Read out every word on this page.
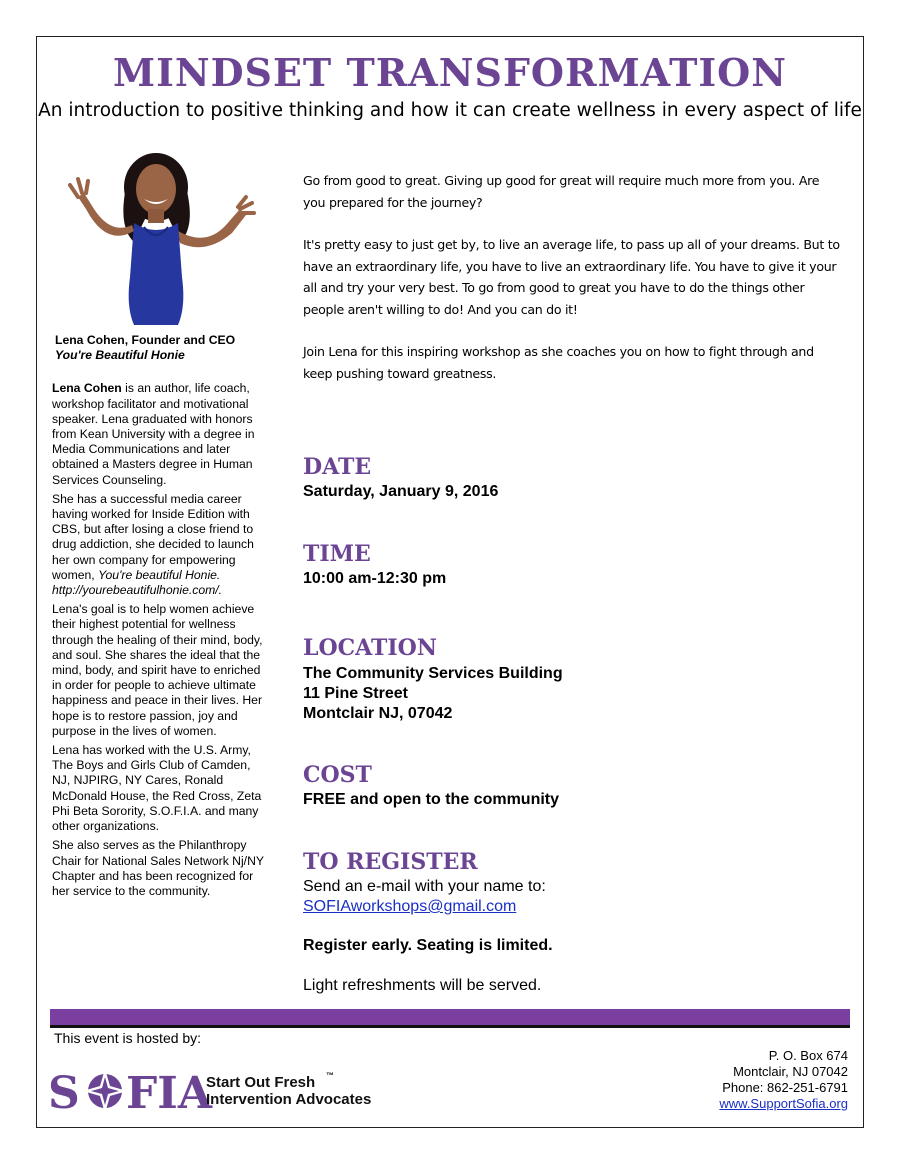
MINDSET TRANSFORMATION
An introduction to positive thinking and how it can create wellness in every aspect of life
Lena Cohen, Founder and CEO
You're Beautiful Honie

Lena Cohen is an author, life coach, workshop facilitator and motivational speaker. Lena graduated with honors from Kean University with a degree in Media Communications and later obtained a Masters degree in Human Services Counseling.

She has a successful media career having worked for Inside Edition with CBS, but after losing a close friend to drug addiction, she decided to launch her own company for empowering women, You're beautiful Honie. http://yourebeautifulhonie.com/.

Lena's goal is to help women achieve their highest potential for wellness through the healing of their mind, body, and soul. She shares the ideal that the mind, body, and spirit have to enriched in order for people to achieve ultimate happiness and peace in their lives. Her hope is to restore passion, joy and purpose in the lives of women.

Lena has worked with the U.S. Army, The Boys and Girls Club of Camden, NJ, NJPIRG, NY Cares, Ronald McDonald House, the Red Cross, Zeta Phi Beta Sorority, S.O.F.I.A. and many other organizations.

She also serves as the Philanthropy Chair for National Sales Network Nj/NY Chapter and has been recognized for her service to the community.

Go from good to great. Giving up good for great will require much more from you. Are you prepared for the journey?

It's pretty easy to just get by, to live an average life, to pass up all of your dreams. But to have an extraordinary life, you have to live an extraordinary life. You have to give it your all and try your very best. To go from good to great you have to do the things other people aren't willing to do! And you can do it!

Join Lena for this inspiring workshop as she coaches you on how to fight through and keep pushing toward greatness.

DATE
Saturday, January 9, 2016
TIME
10:00 am-12:30 pm
LOCATION
The Community Services Building
11 Pine Street
Montclair NJ, 07042
COST
FREE and open to the community
TO REGISTER
Send an e-mail with your name to:
SOFIAworkshops@gmail.com
Register early. Seating is limited.
Light refreshments will be served.
This event is hosted by:
S FIA
Start Out Fresh ™
Intervention Advocates
P. O. Box 674
Montclair, NJ 07042
Phone: 862-251-6791
www.SupportSofia.org
